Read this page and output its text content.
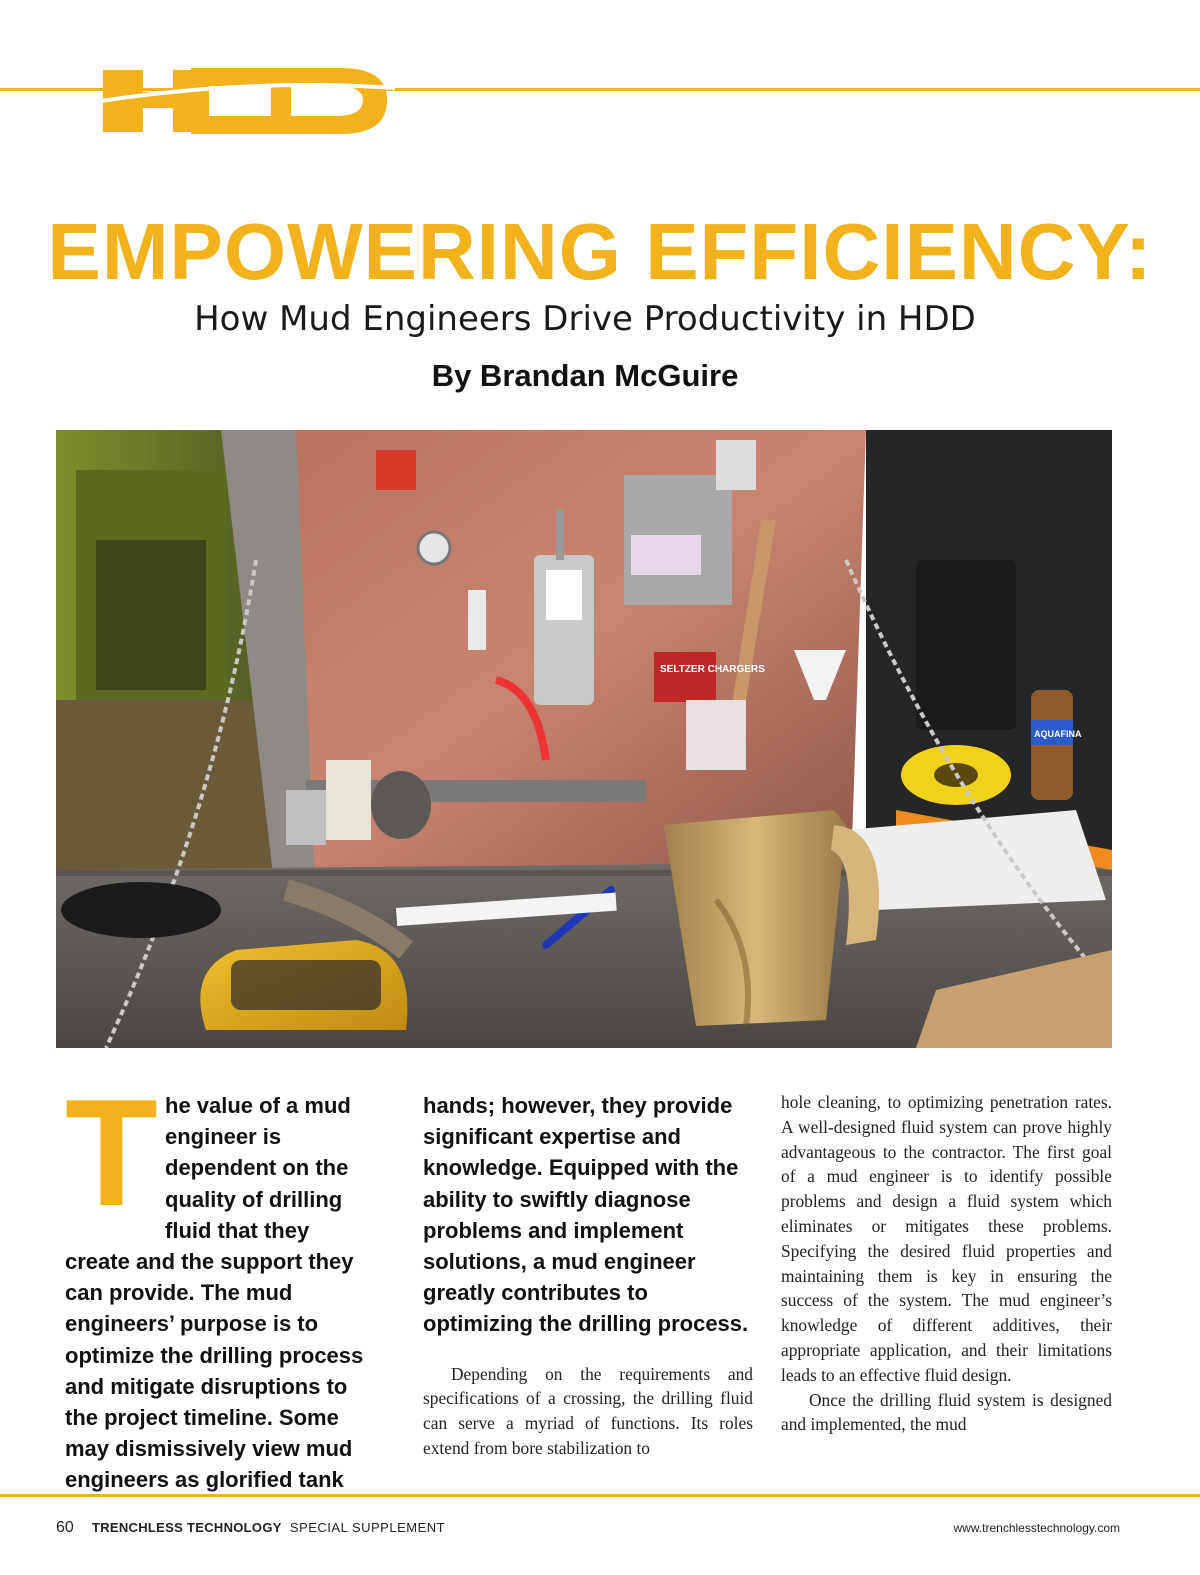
EMPOWERING EFFICIENCY:
How Mud Engineers Drive Productivity in HDD
By Brandan McGuire
SELTZER CHARGERS
AQUAFINA
T he value of a mud engineer is dependent on the quality of drilling fluid that they create and the support they can provide. The mud engineers’ purpose is to optimize the drilling process and mitigate disruptions to the project timeline. Some may dismissively view mud engineers as glorified tank
hands; however, they provide significant expertise and knowledge. Equipped with the ability to swiftly diagnose problems and implement solutions, a mud engineer greatly contributes to optimizing the drilling process.

Depending on the requirements and specifications of a crossing, the drilling fluid can serve a myriad of functions. Its roles extend from bore stabilization to

hole cleaning, to optimizing penetration rates. A well-designed fluid system can prove highly advantageous to the contractor. The first goal of a mud engineer is to identify possible problems and design a fluid system which eliminates or mitigates these problems. Specifying the desired fluid properties and maintaining them is key in ensuring the success of the system. The mud engineer’s knowledge of different additives, their appropriate application, and their limitations leads to an effective fluid design.

Once the drilling fluid system is designed and implemented, the mud

60 TRENCHLESS TECHNOLOGY SPECIAL SUPPLEMENT	www.trenchlesstechnology.com
